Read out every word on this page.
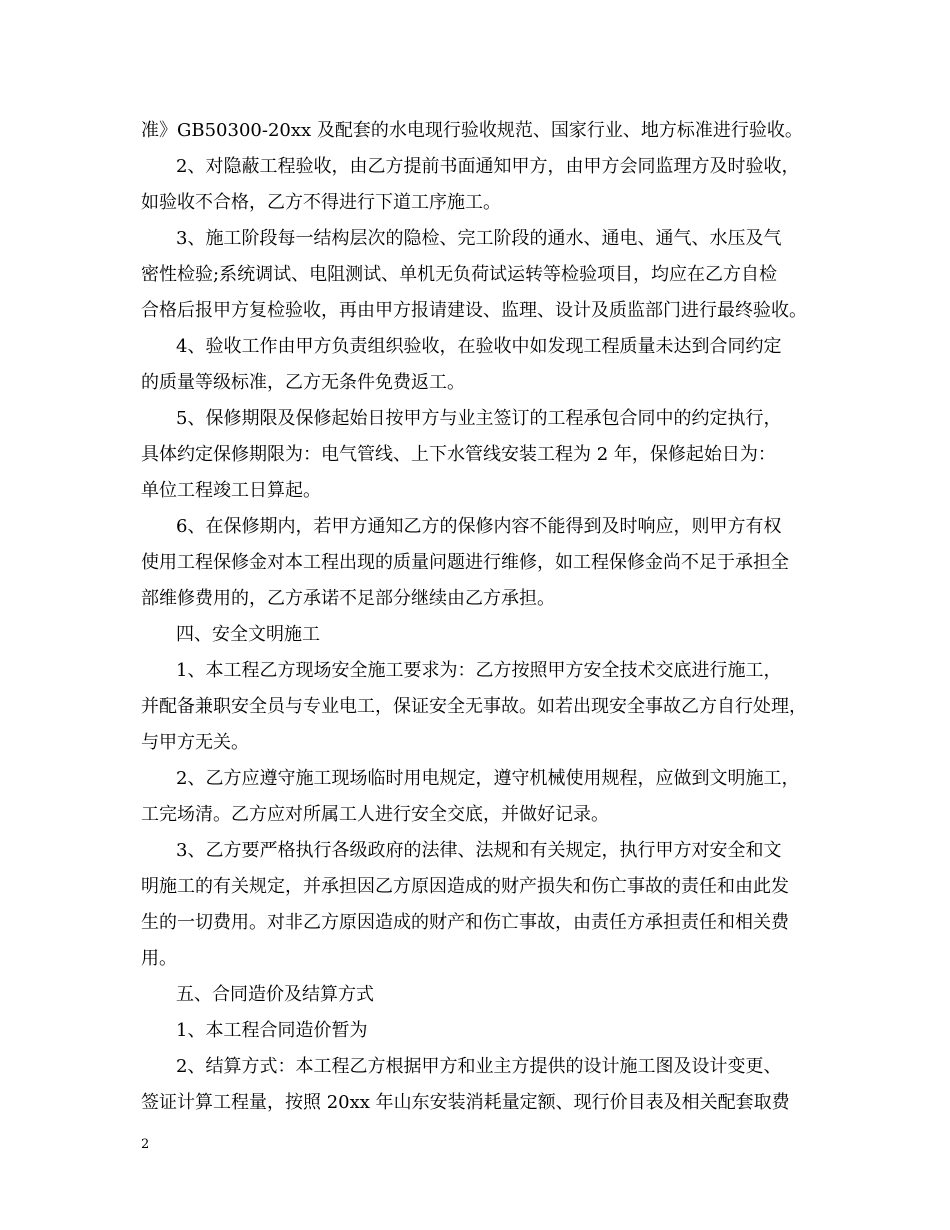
准》GB50300-20xx 及配套的水电现行验收规范、国家行业、地方标准进行验收。
2、对隐蔽工程验收，由乙方提前书面通知甲方，由甲方会同监理方及时验收，
如验收不合格，乙方不得进行下道工序施工。
3、施工阶段每一结构层次的隐检、完工阶段的通水、通电、通气、水压及气
密性检验;系统调试、电阻测试、单机无负荷试运转等检验项目，均应在乙方自检
合格后报甲方复检验收，再由甲方报请建设、监理、设计及质监部门进行最终验收。
4、验收工作由甲方负责组织验收，在验收中如发现工程质量未达到合同约定
的质量等级标准，乙方无条件免费返工。
5、保修期限及保修起始日按甲方与业主签订的工程承包合同中的约定执行，
具体约定保修期限为：电气管线、上下水管线安装工程为 2 年，保修起始日为：
单位工程竣工日算起。
6、在保修期内，若甲方通知乙方的保修内容不能得到及时响应，则甲方有权
使用工程保修金对本工程出现的质量问题进行维修，如工程保修金尚不足于承担全
部维修费用的，乙方承诺不足部分继续由乙方承担。
四、安全文明施工
1、本工程乙方现场安全施工要求为：乙方按照甲方安全技术交底进行施工，
并配备兼职安全员与专业电工，保证安全无事故。如若出现安全事故乙方自行处理，
与甲方无关。
2、乙方应遵守施工现场临时用电规定，遵守机械使用规程，应做到文明施工，
工完场清。乙方应对所属工人进行安全交底，并做好记录。
3、乙方要严格执行各级政府的法律、法规和有关规定，执行甲方对安全和文
明施工的有关规定，并承担因乙方原因造成的财产损失和伤亡事故的责任和由此发
生的一切费用。对非乙方原因造成的财产和伤亡事故，由责任方承担责任和相关费
用。
五、合同造价及结算方式
1、本工程合同造价暂为
2、结算方式：本工程乙方根据甲方和业主方提供的设计施工图及设计变更、
签证计算工程量，按照 20xx 年山东安装消耗量定额、现行价目表及相关配套取费
2
